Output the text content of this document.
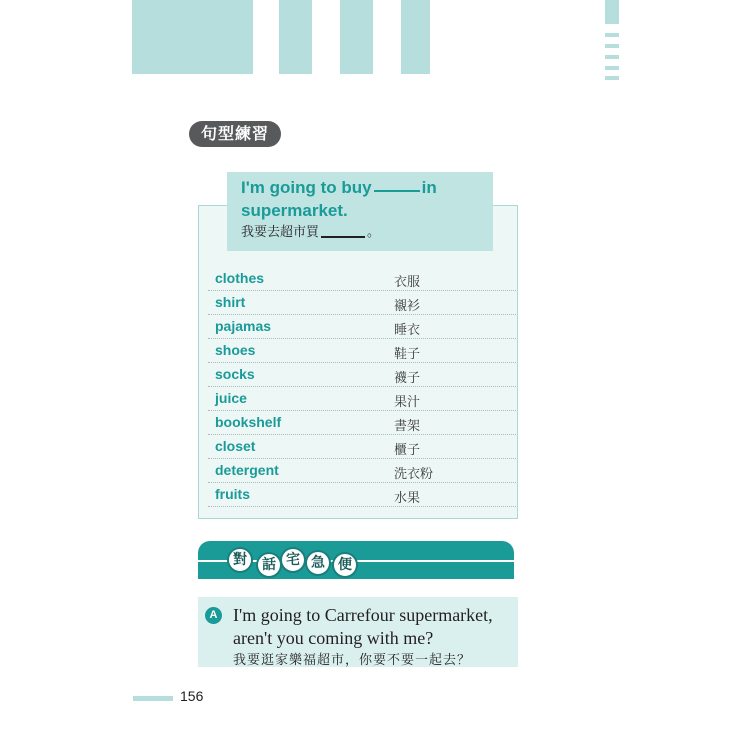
句型練習
I'm going to buy	in supermarket.
我要去超市買	。
clothes	衣服
shirt	襯衫
pajamas	睡衣
shoes	鞋子
socks	襪子
juice	果汁
bookshelf	書架
closet	櫃子
detergent	洗衣粉
fruits	水果
對	話 宅 急 便
A I'm going to Carrefour supermarket, aren't you coming with me?
我要逛家樂福超市，你要不要一起去？
156
